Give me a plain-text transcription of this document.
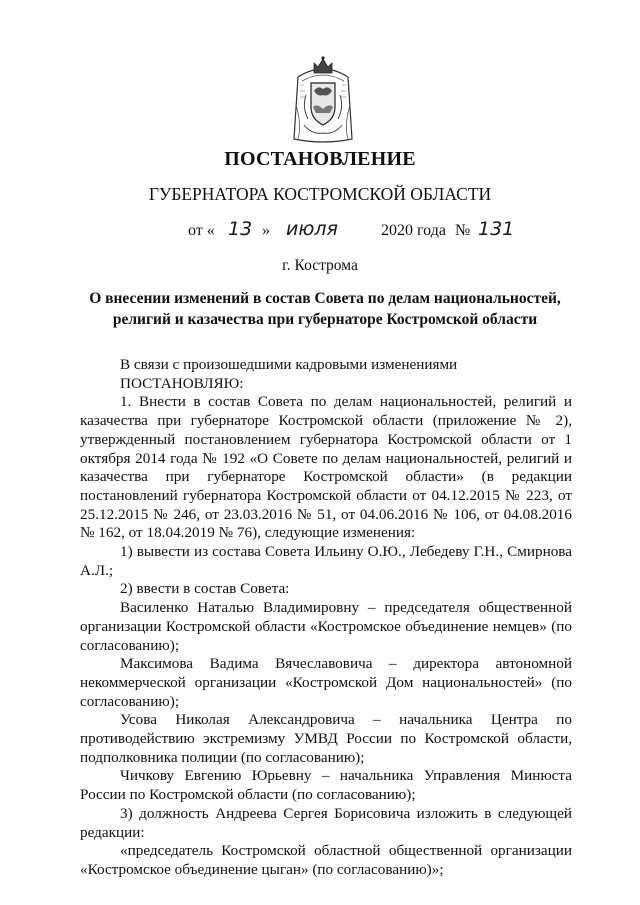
ПОСТАНОВЛЕНИЕ
ГУБЕРНАТОРА КОСТРОМСКОЙ ОБЛАСТИ
от « 13 » июля	2020 года № 131
г. Кострома
О внесении изменений в состав Совета по делам национальностей,
религий и казачества при губернаторе Костромской области

В связи с произошедшими кадровыми изменениями

ПОСТАНОВЛЯЮ:

1. Внести в состав Совета по делам национальностей, религий и казачества при губернаторе Костромской области (приложение № 2), утвержденный постановлением губернатора Костромской области от 1 октября 2014 года № 192 «О Совете по делам национальностей, религий и казачества при губернаторе Костромской области» (в редакции постановлений губернатора Костромской области от 04.12.2015 № 223, от 25.12.2015 № 246, от 23.03.2016 № 51, от 04.06.2016 № 106, от 04.08.2016 № 162, от 18.04.2019 № 76), следующие изменения:

1) вывести из состава Совета Ильину О.Ю., Лебедеву Г.Н., Смирнова А.Л.;

2) ввести в состав Совета:

Василенко Наталью Владимировну – председателя общественной организации Костромской области «Костромское объединение немцев» (по согласованию);

Максимова Вадима Вячеславовича – директора автономной некоммерческой организации «Костромской Дом национальностей» (по согласованию);

Усова Николая Александровича – начальника Центра по противодействию экстремизму УМВД России по Костромской области, подполковника полиции (по согласованию);

Чичкову Евгению Юрьевну – начальника Управления Минюста России по Костромской области (по согласованию);

3) должность Андреева Сергея Борисовича изложить в следующей редакции:

«председатель Костромской областной общественной организации «Костромское объединение цыган» (по согласованию)»;
